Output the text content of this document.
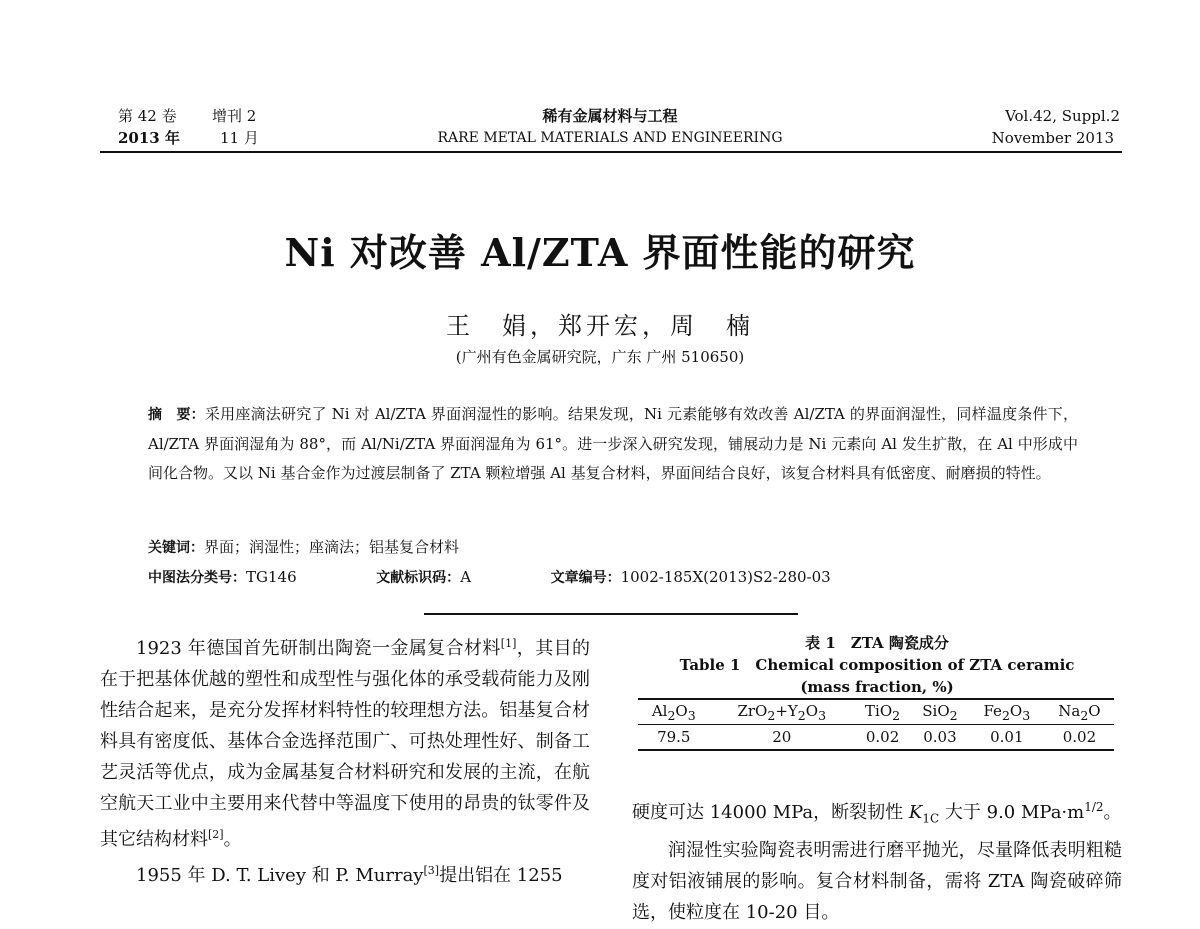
第 42 卷 增刊 2
2013 年	11 月
稀有金属材料与工程
RARE METAL MATERIALS AND ENGINEERING
Vol.42, Suppl.2
November 2013
Ni 对改善 Al/ZTA 界面性能的研究
王　娟，郑开宏，周　楠
(广州有色金属研究院，广东 广州 510650)
摘　要：采用座滴法研究了 Ni 对 Al/ZTA 界面润湿性的影响。结果发现，Ni 元素能够有效改善 Al/ZTA 的界面润湿性，同样温度条件下，Al/ZTA 界面润湿角为 88°，而 Al/Ni/ZTA 界面润湿角为 61°。进一步深入研究发现，铺展动力是 Ni 元素向 Al 发生扩散，在 Al 中形成中间化合物。又以 Ni 基合金作为过渡层制备了 ZTA 颗粒增强 Al 基复合材料，界面间结合良好，该复合材料具有低密度、耐磨损的特性。
关键词：界面；润湿性；座滴法；铝基复合材料
中图法分类号：TG146	文献标识码：A	文章编号：1002-185X(2013)S2-280-03
1923 年德国首先研制出陶瓷一金属复合材料[1]，其目的在于把基体优越的塑性和成型性与强化体的承受载荷能力及刚性结合起来，是充分发挥材料特性的较理想方法。铝基复合材料具有密度低、基体合金选择范围广、可热处理性好、制备工艺灵活等优点，成为金属基复合材料研究和发展的主流，在航空航天工业中主要用来代替中等温度下使用的昂贵的钛零件及其它结构材料[2]。
1955 年 D. T. Livey 和 P. Murray[3]提出铝在 1255
表 1　ZTA 陶瓷成分
Table 1　Chemical composition of ZTA ceramic
(mass fraction, %)
$Al_2O_3$	$ZrO_2+Y_2O_3$	TiO$_2$	SiO$_2$	$Fe_2O_3$	$Na_2O$
79.5	20	0.02	0.03	0.01	0.02
硬度可达 14000 MPa，断裂韧性 $K_{1C}$ 大于 9.0 $MPa\cdot m^{1/2}$。
润湿性实验陶瓷表明需进行磨平抛光，尽量降低表明粗糙度对铝液铺展的影响。复合材料制备，需将 ZTA 陶瓷破碎筛选，使粒度在 10-20 目。
